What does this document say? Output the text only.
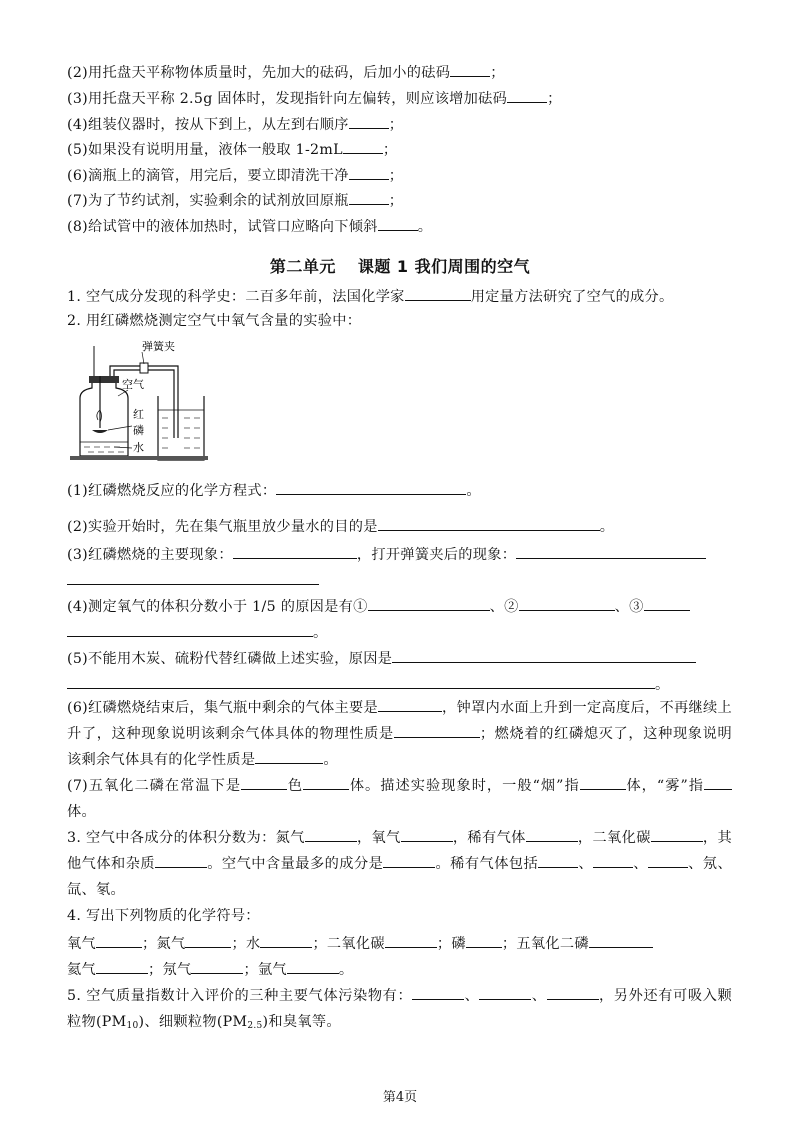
(2)用托盘天平称物体质量时，先加大的砝码，后加小的砝码	；
(3)用托盘天平称 2.5g 固体时，发现指针向左偏转，则应该增加砝码	；
(4)组装仪器时，按从下到上，从左到右顺序	；
(5)如果没有说明用量，液体一般取 1-2mL	；
(6)滴瓶上的滴管，用完后，要立即清洗干净	；
(7)为了节约试剂，实验剩余的试剂放回原瓶	；
(8)给试管中的液体加热时，试管口应略向下倾斜	。
第二单元 课题 1 我们周围的空气
1. 空气成分发现的科学史：二百多年前，法国化学家	用定量方法研究了空气的成分。
2. 用红磷燃烧测定空气中氧气含量的实验中：
弹簧夹
空气
红
磷
水
(1)红磷燃烧反应的化学方程式：	。
(2)实验开始时，先在集气瓶里放少量水的目的是	。
(3)红磷燃烧的主要现象：	，打开弹簧夹后的现象：
(4)测定氧气的体积分数小于 1/5 的原因是有①	、②	、③
。
(5)不能用木炭、硫粉代替红磷做上述实验，原因是
。
(6)红磷燃烧结束后，集气瓶中剩余的气体主要是	，钟罩内水面上升到一定高度后，不再继续上升了，这种现象说明该剩余气体具体的物理性质是	；燃烧着的红磷熄灭了，这种现象说明该剩余气体具有的化学性质是	。
(7)五氧化二磷在常温下是	色	体。描述实验现象时，一般“烟”指	体，“雾”指体。
3. 空气中各成分的体积分数为：氮气	，氧气	，稀有气体	，二氧化碳	，其他气体和杂质	。空气中含量最多的成分是	。稀有气体包括	、	、	、氖、氙、氡。
4. 写出下列物质的化学符号：
氧气	；氮气	；水	；二氧化碳	；磷	；五氧化二磷
氦气	；氖气	；氩气	。
5. 空气质量指数计入评价的三种主要气体污染物有：	、	、	，另外还有可吸入颗粒物$(PM_{10})$、细颗粒物$(PM_{2.5})$和臭氧等。
第4页
